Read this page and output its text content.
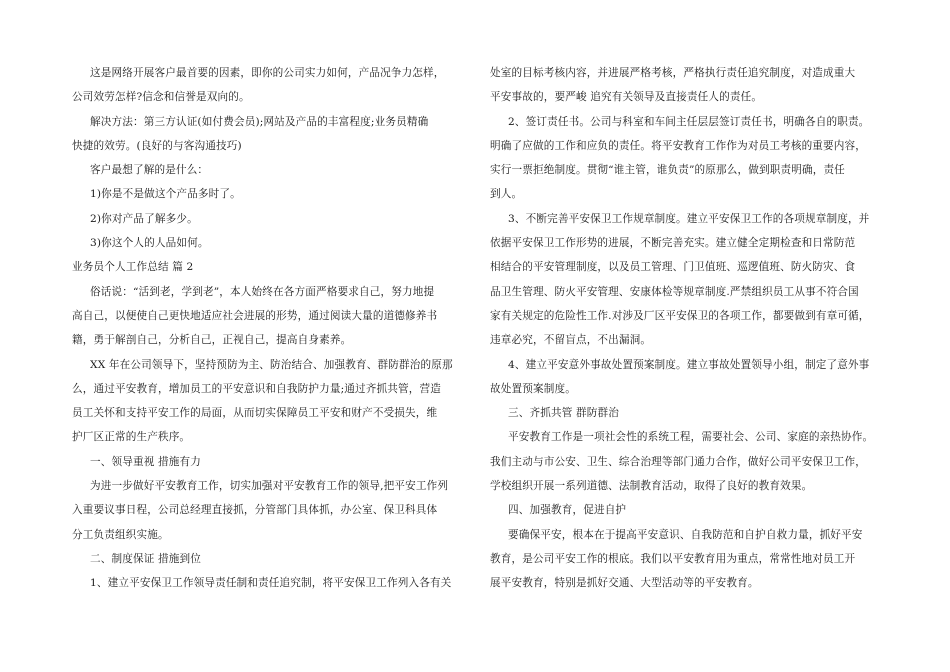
这是网络开展客户最首要的因素，即你的公司实力如何，产品况争力怎样，
公司效劳怎样?信念和信誉是双向的。
解决方法：第三方认证(如付费会员);网站及产品的丰富程度;业务员精确
快捷的效劳。(良好的与客沟通技巧)
客户最想了解的是什么：
1)你是不是做这个产品多时了。
2)你对产品了解多少。
3)你这个人的人品如何。
业务员个人工作总结 篇 2
俗话说：“活到老，学到老”，本人始终在各方面严格要求自己，努力地提
高自己，以便使自己更快地适应社会进展的形势，通过阅读大量的道德修养书
籍，勇于解剖自己，分析自己，正视自己，提高自身素养。
XX 年在公司领导下，坚持预防为主、防治结合、加强教育、群防群治的原那
么，通过平安教育，增加员工的平安意识和自我防护力量;通过齐抓共管，营造
员工关怀和支持平安工作的局面，从而切实保障员工平安和财产不受损失，维
护厂区正常的生产秩序。
一、领导重视 措施有力
为进一步做好平安教育工作，切实加强对平安教育工作的领导,把平安工作列
入重要议事日程，公司总经理直接抓，分管部门具体抓，办公室、保卫科具体
分工负责组织实施。
二、制度保证 措施到位
1、建立平安保卫工作领导责任制和责任追究制，将平安保卫工作列入各有关
处室的目标考核内容，并进展严格考核，严格执行责任追究制度，对造成重大
平安事故的，要严峻 追究有关领导及直接责任人的责任。
2、签订责任书。公司与科室和车间主任层层签订责任书，明确各自的职责。
明确了应做的工作和应负的责任。将平安教育工作作为对员工考核的重要内容，
实行一票拒绝制度。贯彻“谁主管，谁负责”的原那么，做到职责明确，责任
到人。
3、不断完善平安保卫工作规章制度。建立平安保卫工作的各项规章制度，并
依据平安保卫工作形势的进展，不断完善充实。建立健全定期检查和日常防范
相结合的平安管理制度，以及员工管理、门卫值班、巡逻值班、防火防灾、食
品卫生管理、防火平安管理、安康体检等规章制度.严禁组织员工从事不符合国
家有关规定的危险性工作.对涉及厂区平安保卫的各项工作，都要做到有章可循，
违章必究，不留盲点，不出漏洞。
4、建立平安意外事故处置预案制度。建立事故处置领导小组，制定了意外事
故处置预案制度。
三、齐抓共管 群防群治
平安教育工作是一项社会性的系统工程，需要社会、公司、家庭的亲热协作。
我们主动与市公安、卫生、综合治理等部门通力合作，做好公司平安保卫工作，
学校组织开展一系列道德、法制教育活动，取得了良好的教育效果。
四、加强教育，促进自护
要确保平安，根本在于提高平安意识、自我防范和自护自救力量，抓好平安
教育，是公司平安工作的根底。我们以平安教育用为重点，常常性地对员工开
展平安教育，特别是抓好交通、大型活动等的平安教育。
